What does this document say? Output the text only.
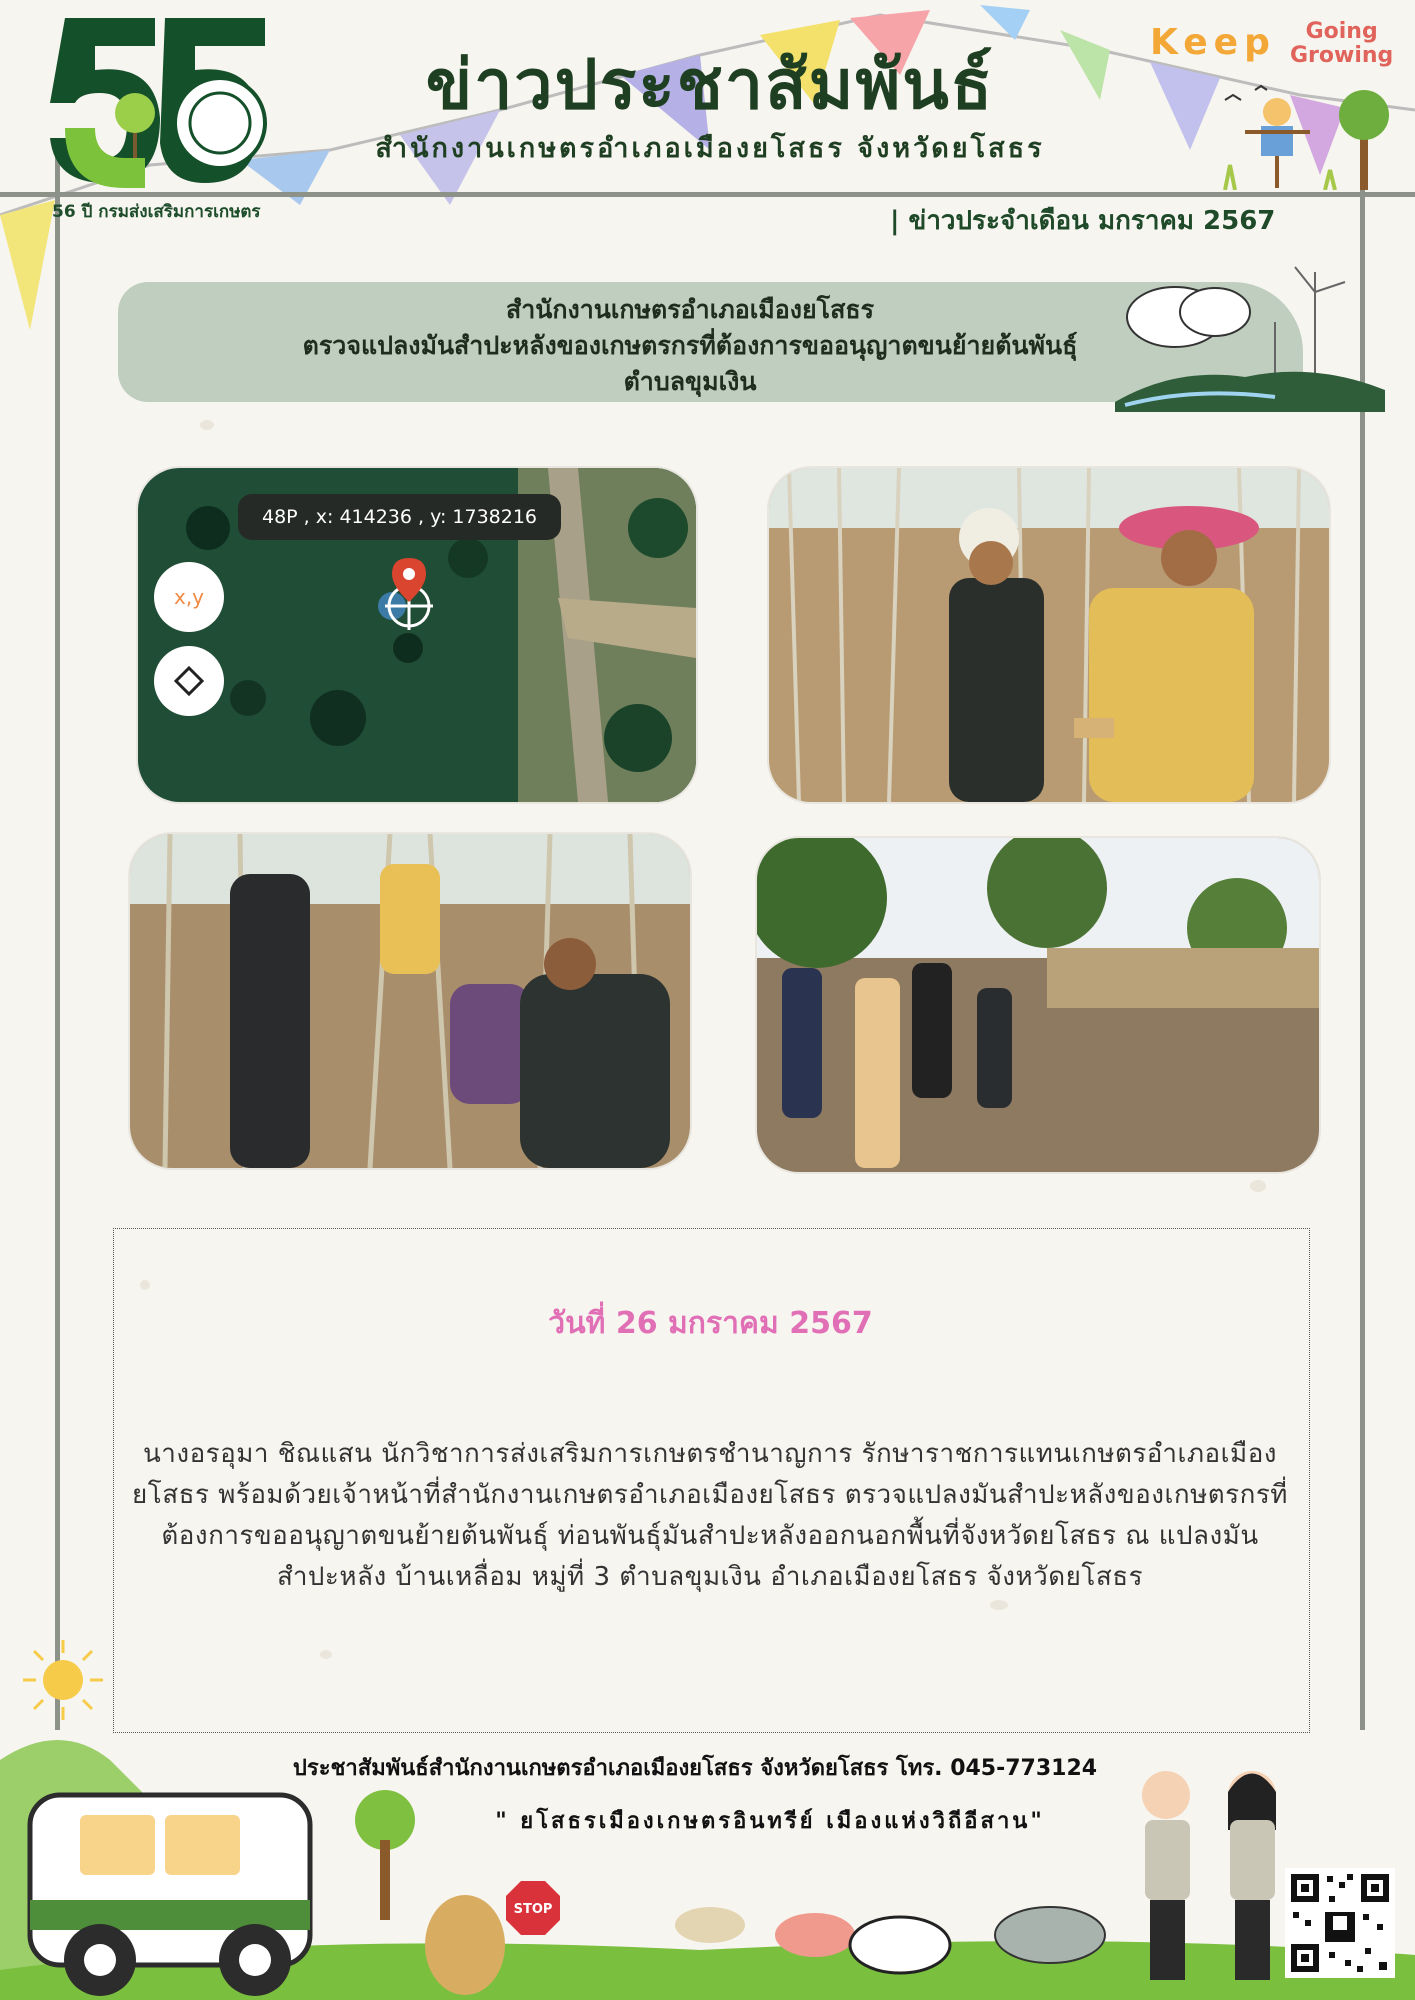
56 ปี กรมส่งเสริมการเกษตร
ข่าวประชาสัมพันธ์
สำนักงานเกษตรอำเภอเมืองยโสธร จังหวัดยโสธร
Keep	Going
Growing
| ข่าวประจำเดือน มกราคม 2567
สำนักงานเกษตรอำเภอเมืองยโสธร
ตรวจแปลงมันสำปะหลังของเกษตรกรที่ต้องการขออนุญาตขนย้ายต้นพันธุ์
ตำบลขุมเงิน
48P , x: 414236 , y: 1738216
x,y
วันที่ 26 มกราคม 2567
นางอรอุมา ชิณแสน นักวิชาการส่งเสริมการเกษตรชำนาญการ รักษาราชการแทนเกษตรอำเภอเมืองยโสธร พร้อมด้วยเจ้าหน้าที่สำนักงานเกษตรอำเภอเมืองยโสธร ตรวจแปลงมันสำปะหลังของเกษตรกรที่ต้องการขออนุญาตขนย้ายต้นพันธุ์ ท่อนพันธุ์มันสำปะหลังออกนอกพื้นที่จังหวัดยโสธร ณ แปลงมันสำปะหลัง บ้านเหลื่อม หมู่ที่ 3 ตำบลขุมเงิน อำเภอเมืองยโสธร จังหวัดยโสธร
STOP
ประชาสัมพันธ์สำนักงานเกษตรอำเภอเมืองยโสธร จังหวัดยโสธร โทร. 045-773124
" ยโสธรเมืองเกษตรอินทรีย์ เมืองแห่งวิถีอีสาน"
